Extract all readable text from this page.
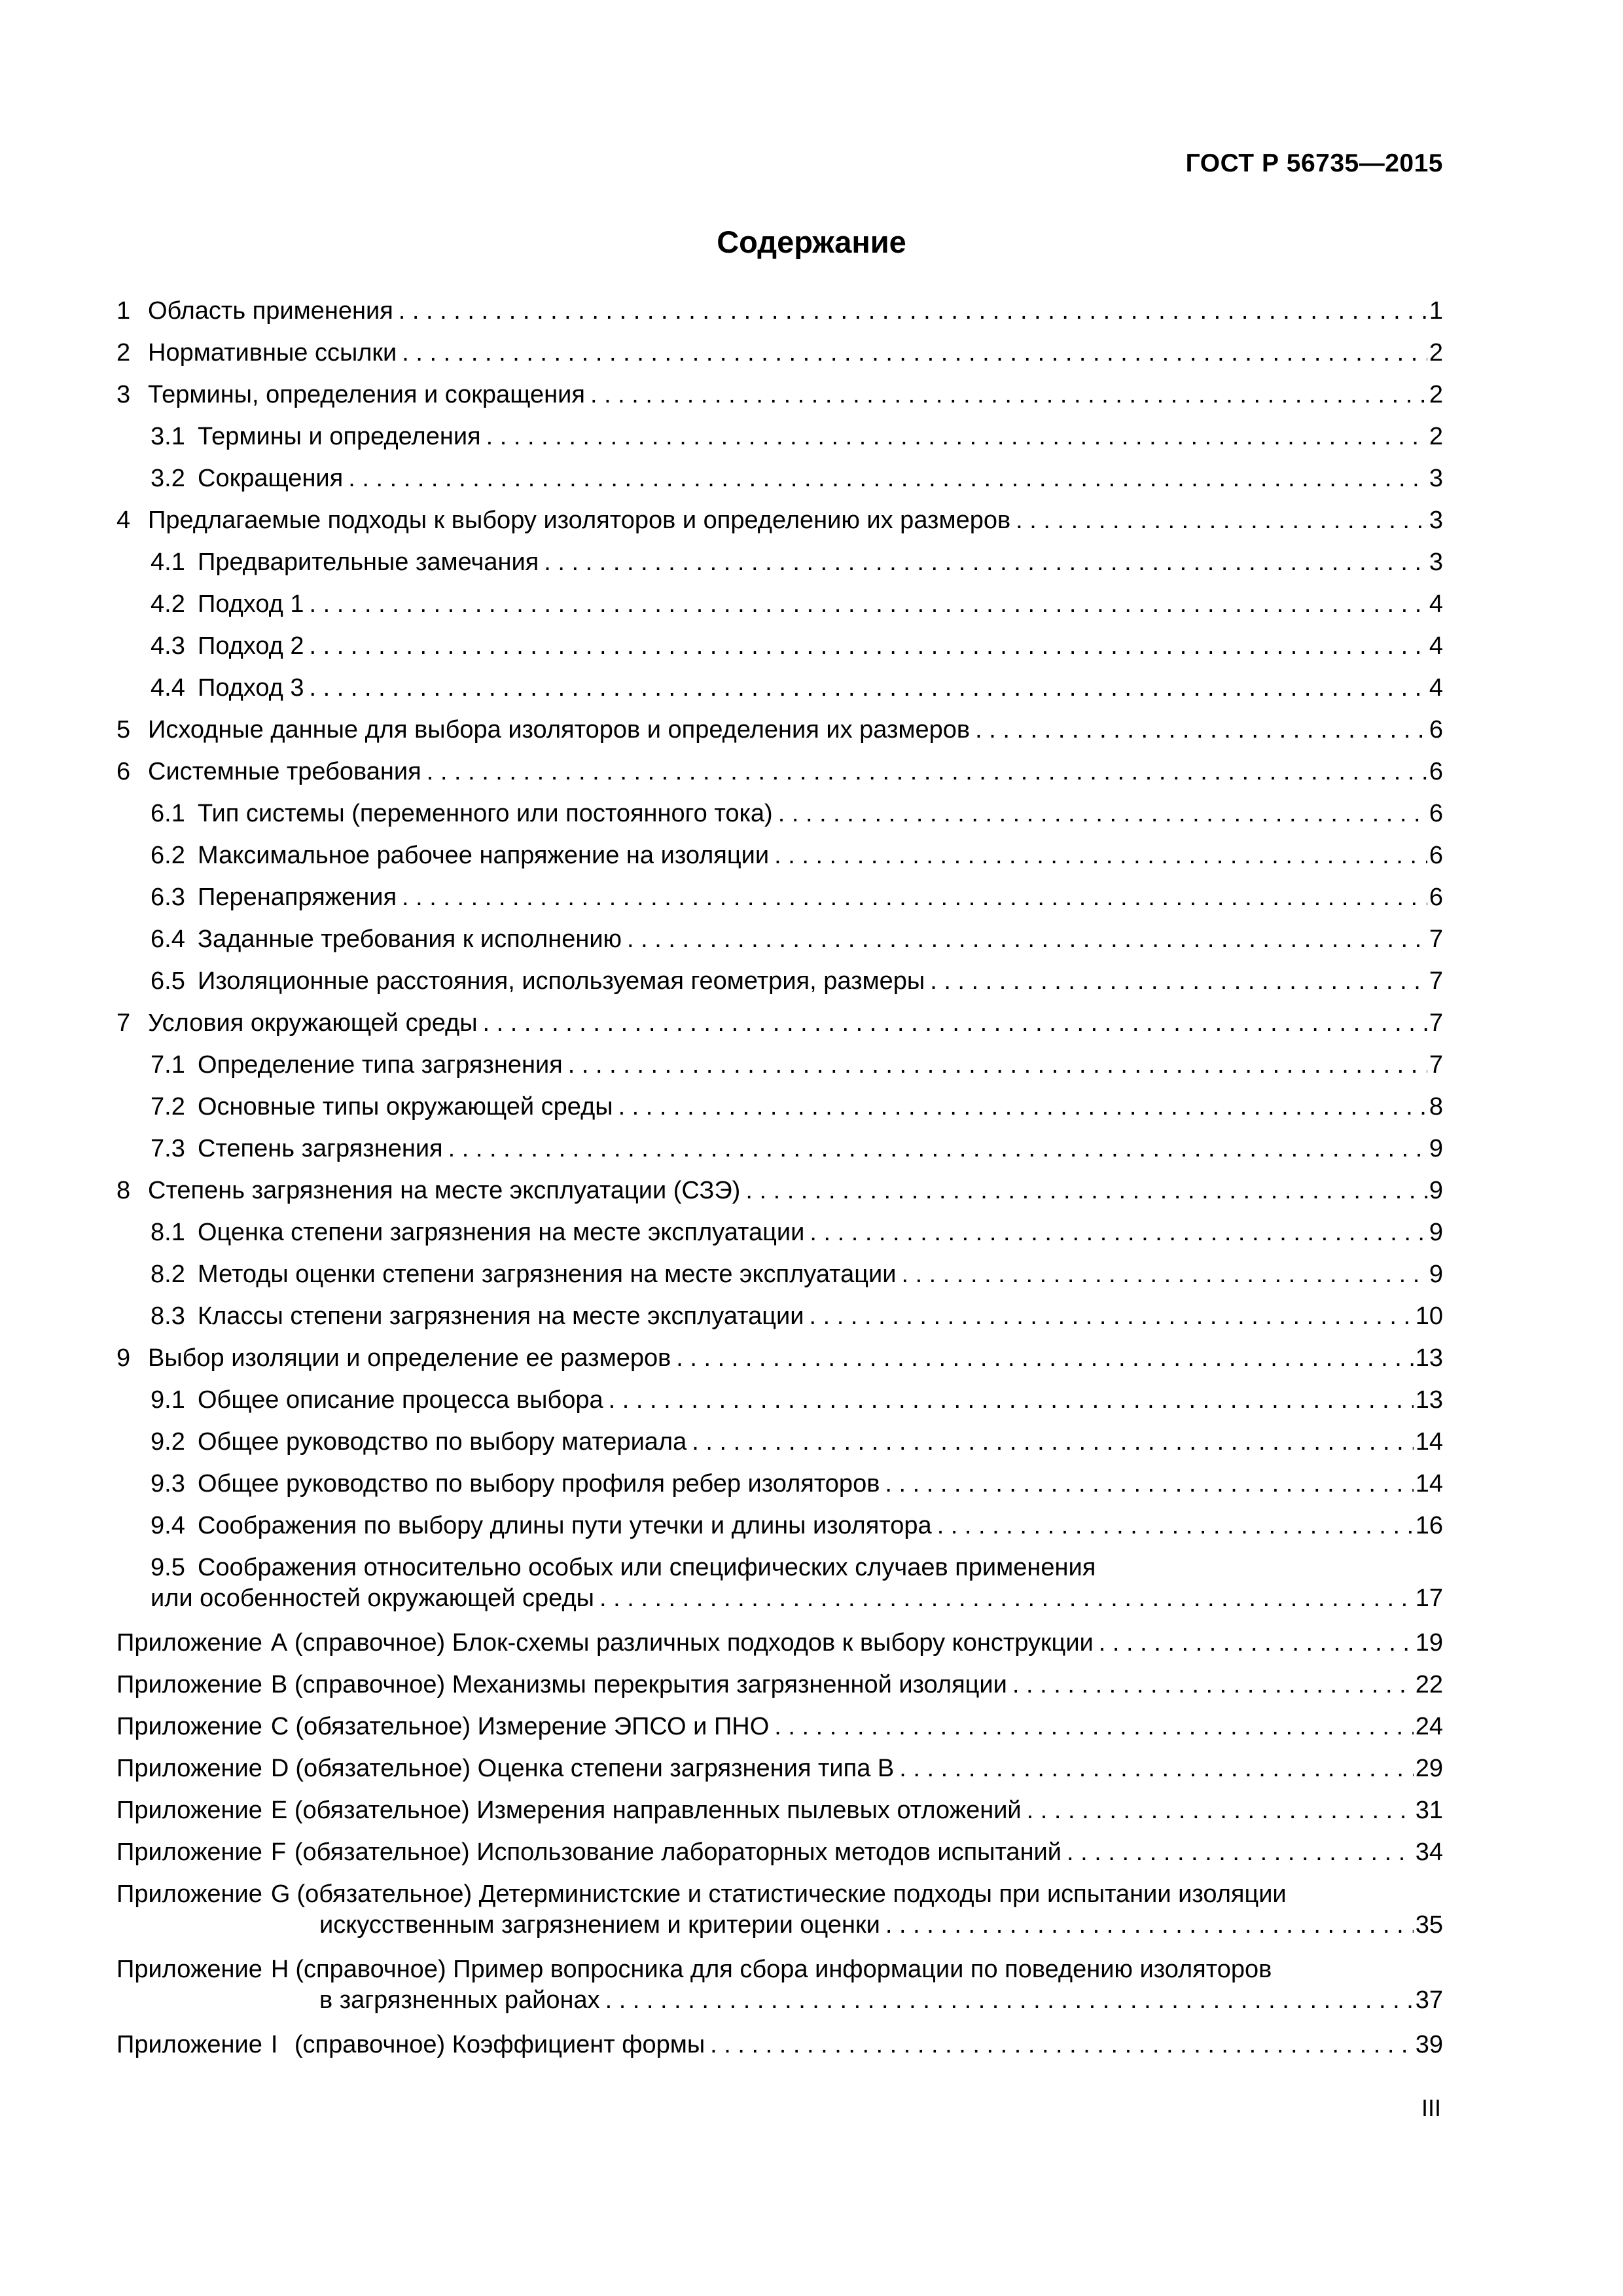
ГОСТ Р 56735—2015
Содержание
1 Область применения . . .	1
2 Нормативные ссылки . . .	2
3 Термины, определения и сокращения . . .	2
3.1 Термины и определения . . .	2
3.2 Сокращения . . .	3
4 Предлагаемые подходы к выбору изоляторов и определению их размеров . . .	3
4.1 Предварительные замечания . . .	3
4.2 Подход 1 . . .	4
4.3 Подход 2 . . .	4
4.4 Подход 3 . . .	4
5 Исходные данные для выбора изоляторов и определения их размеров . . .	6
6 Системные требования . . .	6
6.1 Тип системы (переменного или постоянного тока) . . .	6
6.2 Максимальное рабочее напряжение на изоляции . . .	6
6.3 Перенапряжения . . .	6
6.4 Заданные требования к исполнению . . .	7
6.5 Изоляционные расстояния, используемая геометрия, размеры . . .	7
7 Условия окружающей среды . . .	7
7.1 Определение типа загрязнения . . .	7
7.2 Основные типы окружающей среды . . .	8
7.3 Степень загрязнения . . .	9
8 Степень загрязнения на месте эксплуатации (СЗЭ) . . .	9
8.1 Оценка степени загрязнения на месте эксплуатации . . .	9
8.2 Методы оценки степени загрязнения на месте эксплуатации . . .	9
8.3 Классы степени загрязнения на месте эксплуатации . . .	10
9 Выбор изоляции и определение ее размеров . . .	13
9.1 Общее описание процесса выбора . . .	13
9.2 Общее руководство по выбору материала . . .	14
9.3 Общее руководство по выбору профиля ребер изоляторов . . .	14
9.4 Соображения по выбору длины пути утечки и длины изолятора . . .	16
9.5 Соображения относительно особых или специфических случаев применения
или особенностей окружающей среды . . .	17
Приложение А (справочное) Блок-схемы различных подходов к выбору конструкции . . .	19
Приложение В (справочное) Механизмы перекрытия загрязненной изоляции . . .	22
Приложение С (обязательное) Измерение ЭПСО и ПНО . . .	24
Приложение D (обязательное) Оценка степени загрязнения типа В . . .	29
Приложение Е (обязательное) Измерения направленных пылевых отложений . . .	31
Приложение F (обязательное) Использование лабораторных методов испытаний . . .	34
Приложение G (обязательное) Детерминистские и статистические подходы при испытании изоляции
искусственным загрязнением и критерии оценки . . .	35
Приложение Н (справочное) Пример вопросника для сбора информации по поведению изоляторов
в загрязненных районах . . .	37
Приложение I (справочное) Коэффициент формы . . .	39
III
